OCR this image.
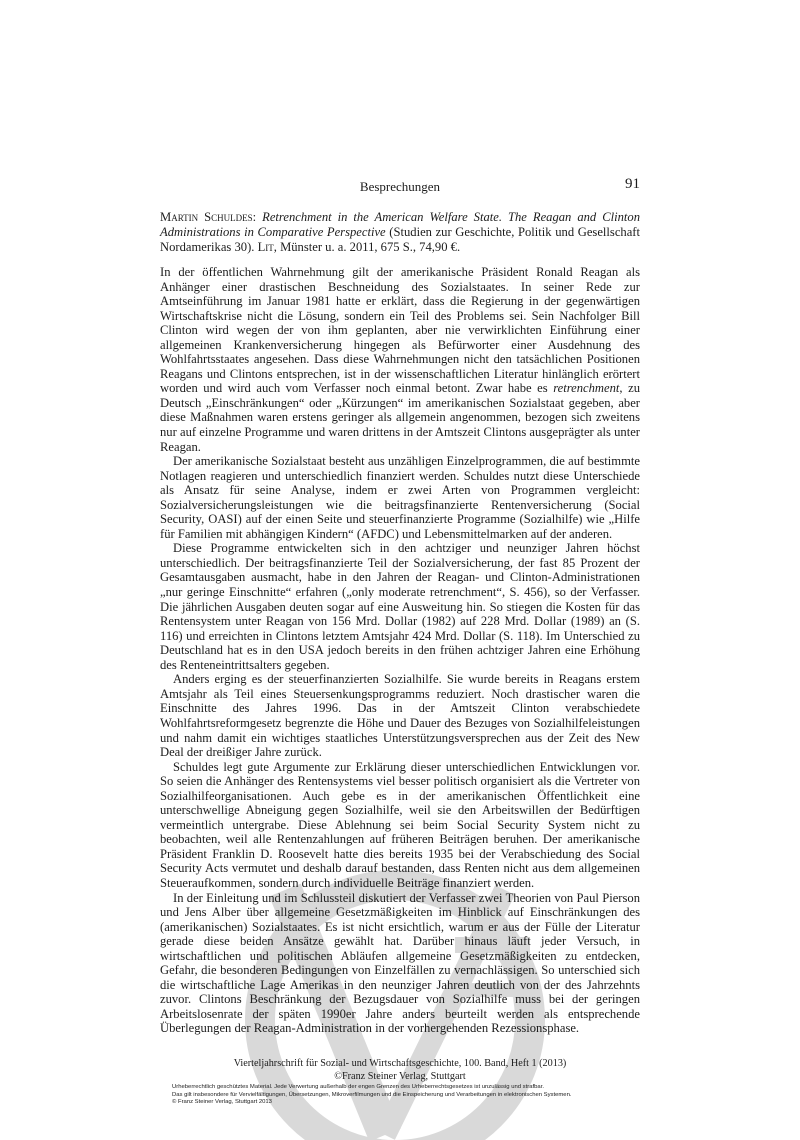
Besprechungen	91
Martin Schuldes: Retrenchment in the American Welfare State. The Reagan and Clinton Administrations in Comparative Perspective (Studien zur Geschichte, Politik und Gesellschaft Nordamerikas 30). Lit, Münster u. a. 2011, 675 S., 74,90 €.

In der öffentlichen Wahrnehmung gilt der amerikanische Präsident Ronald Reagan als Anhänger einer drastischen Beschneidung des Sozialstaates. In seiner Rede zur Amtseinführung im Januar 1981 hatte er erklärt, dass die Regierung in der gegenwärtigen Wirtschaftskrise nicht die Lösung, sondern ein Teil des Problems sei. Sein Nachfolger Bill Clinton wird wegen der von ihm geplanten, aber nie verwirklichten Einführung einer allgemeinen Krankenversicherung hingegen als Befürworter einer Ausdehnung des Wohlfahrtsstaates angesehen. Dass diese Wahrnehmungen nicht den tatsächlichen Positionen Reagans und Clintons entsprechen, ist in der wissenschaftlichen Literatur hinlänglich erörtert worden und wird auch vom Verfasser noch einmal betont. Zwar habe es retrenchment, zu Deutsch „Einschränkungen“ oder „Kürzungen“ im amerikanischen Sozialstaat gegeben, aber diese Maßnahmen waren erstens geringer als allgemein angenommen, bezogen sich zweitens nur auf einzelne Programme und waren drittens in der Amtszeit Clintons ausgeprägter als unter Reagan.

Der amerikanische Sozialstaat besteht aus unzähligen Einzelprogrammen, die auf bestimmte Notlagen reagieren und unterschiedlich finanziert werden. Schuldes nutzt diese Unterschiede als Ansatz für seine Analyse, indem er zwei Arten von Programmen vergleicht: Sozialversicherungsleistungen wie die beitragsfinanzierte Rentenversicherung (Social Security, OASI) auf der einen Seite und steuerfinanzierte Programme (Sozialhilfe) wie „Hilfe für Familien mit abhängigen Kindern“ (AFDC) und Lebensmittelmarken auf der anderen.

Diese Programme entwickelten sich in den achtziger und neunziger Jahren höchst unterschiedlich. Der beitragsfinanzierte Teil der Sozialversicherung, der fast 85 Prozent der Gesamtausgaben ausmacht, habe in den Jahren der Reagan- und Clinton-Administrationen „nur geringe Einschnitte“ erfahren („only moderate retrenchment“, S. 456), so der Verfasser. Die jährlichen Ausgaben deuten sogar auf eine Ausweitung hin. So stiegen die Kosten für das Rentensystem unter Reagan von 156 Mrd. Dollar (1982) auf 228 Mrd. Dollar (1989) an (S. 116) und erreichten in Clintons letztem Amtsjahr 424 Mrd. Dollar (S. 118). Im Unterschied zu Deutschland hat es in den USA jedoch bereits in den frühen achtziger Jahren eine Erhöhung des Renteneintrittsalters gegeben.

Anders erging es der steuerfinanzierten Sozialhilfe. Sie wurde bereits in Reagans erstem Amtsjahr als Teil eines Steuersenkungsprogramms reduziert. Noch drastischer waren die Einschnitte des Jahres 1996. Das in der Amtszeit Clinton verabschiedete Wohlfahrtsreformgesetz begrenzte die Höhe und Dauer des Bezuges von Sozialhilfeleistungen und nahm damit ein wichtiges staatliches Unterstützungsversprechen aus der Zeit des New Deal der dreißiger Jahre zurück.

Schuldes legt gute Argumente zur Erklärung dieser unterschiedlichen Entwicklungen vor. So seien die Anhänger des Rentensystems viel besser politisch organisiert als die Vertreter von Sozialhilfeorganisationen. Auch gebe es in der amerikanischen Öffentlichkeit eine unterschwellige Abneigung gegen Sozialhilfe, weil sie den Arbeitswillen der Bedürftigen vermeintlich untergrabe. Diese Ablehnung sei beim Social Security System nicht zu beobachten, weil alle Rentenzahlungen auf früheren Beiträgen beruhen. Der amerikanische Präsident Franklin D. Roosevelt hatte dies bereits 1935 bei der Verabschiedung des Social Security Acts vermutet und deshalb darauf bestanden, dass Renten nicht aus dem allgemeinen Steueraufkommen, sondern durch individuelle Beiträge finanziert werden.

In der Einleitung und im Schlussteil diskutiert der Verfasser zwei Theorien von Paul Pierson und Jens Alber über allgemeine Gesetzmäßigkeiten im Hinblick auf Einschränkungen des (amerikanischen) Sozialstaates. Es ist nicht ersichtlich, warum er aus der Fülle der Literatur gerade diese beiden Ansätze gewählt hat. Darüber hinaus läuft jeder Versuch, in wirtschaftlichen und politischen Abläufen allgemeine Gesetzmäßigkeiten zu entdecken, Gefahr, die besonderen Bedingungen von Einzelfällen zu vernachlässigen. So unterschied sich die wirtschaftliche Lage Amerikas in den neunziger Jahren deutlich von der des Jahrzehnts zuvor. Clintons Beschränkung der Bezugsdauer von Sozialhilfe muss bei der geringen Arbeitslosenrate der späten 1990er Jahre anders beurteilt werden als entsprechende Überlegungen der Reagan-Administration in der vorhergehenden Rezessionsphase.

Vierteljahrschrift für Sozial- und Wirtschaftsgeschichte, 100. Band, Heft 1 (2013)
©Franz Steiner Verlag, Stuttgart
Urheberrechtlich geschütztes Material. Jede Verwertung außerhalb der engen Grenzen des Urheberrechtsgesetzes ist unzulässig und strafbar.
Das gilt insbesondere für Vervielfältigungen, Übersetzungen, Mikroverfilmungen und die Einspeicherung und Verarbeitungen in elektronischen Systemen.
© Franz Steiner Verlag, Stuttgart 2013
